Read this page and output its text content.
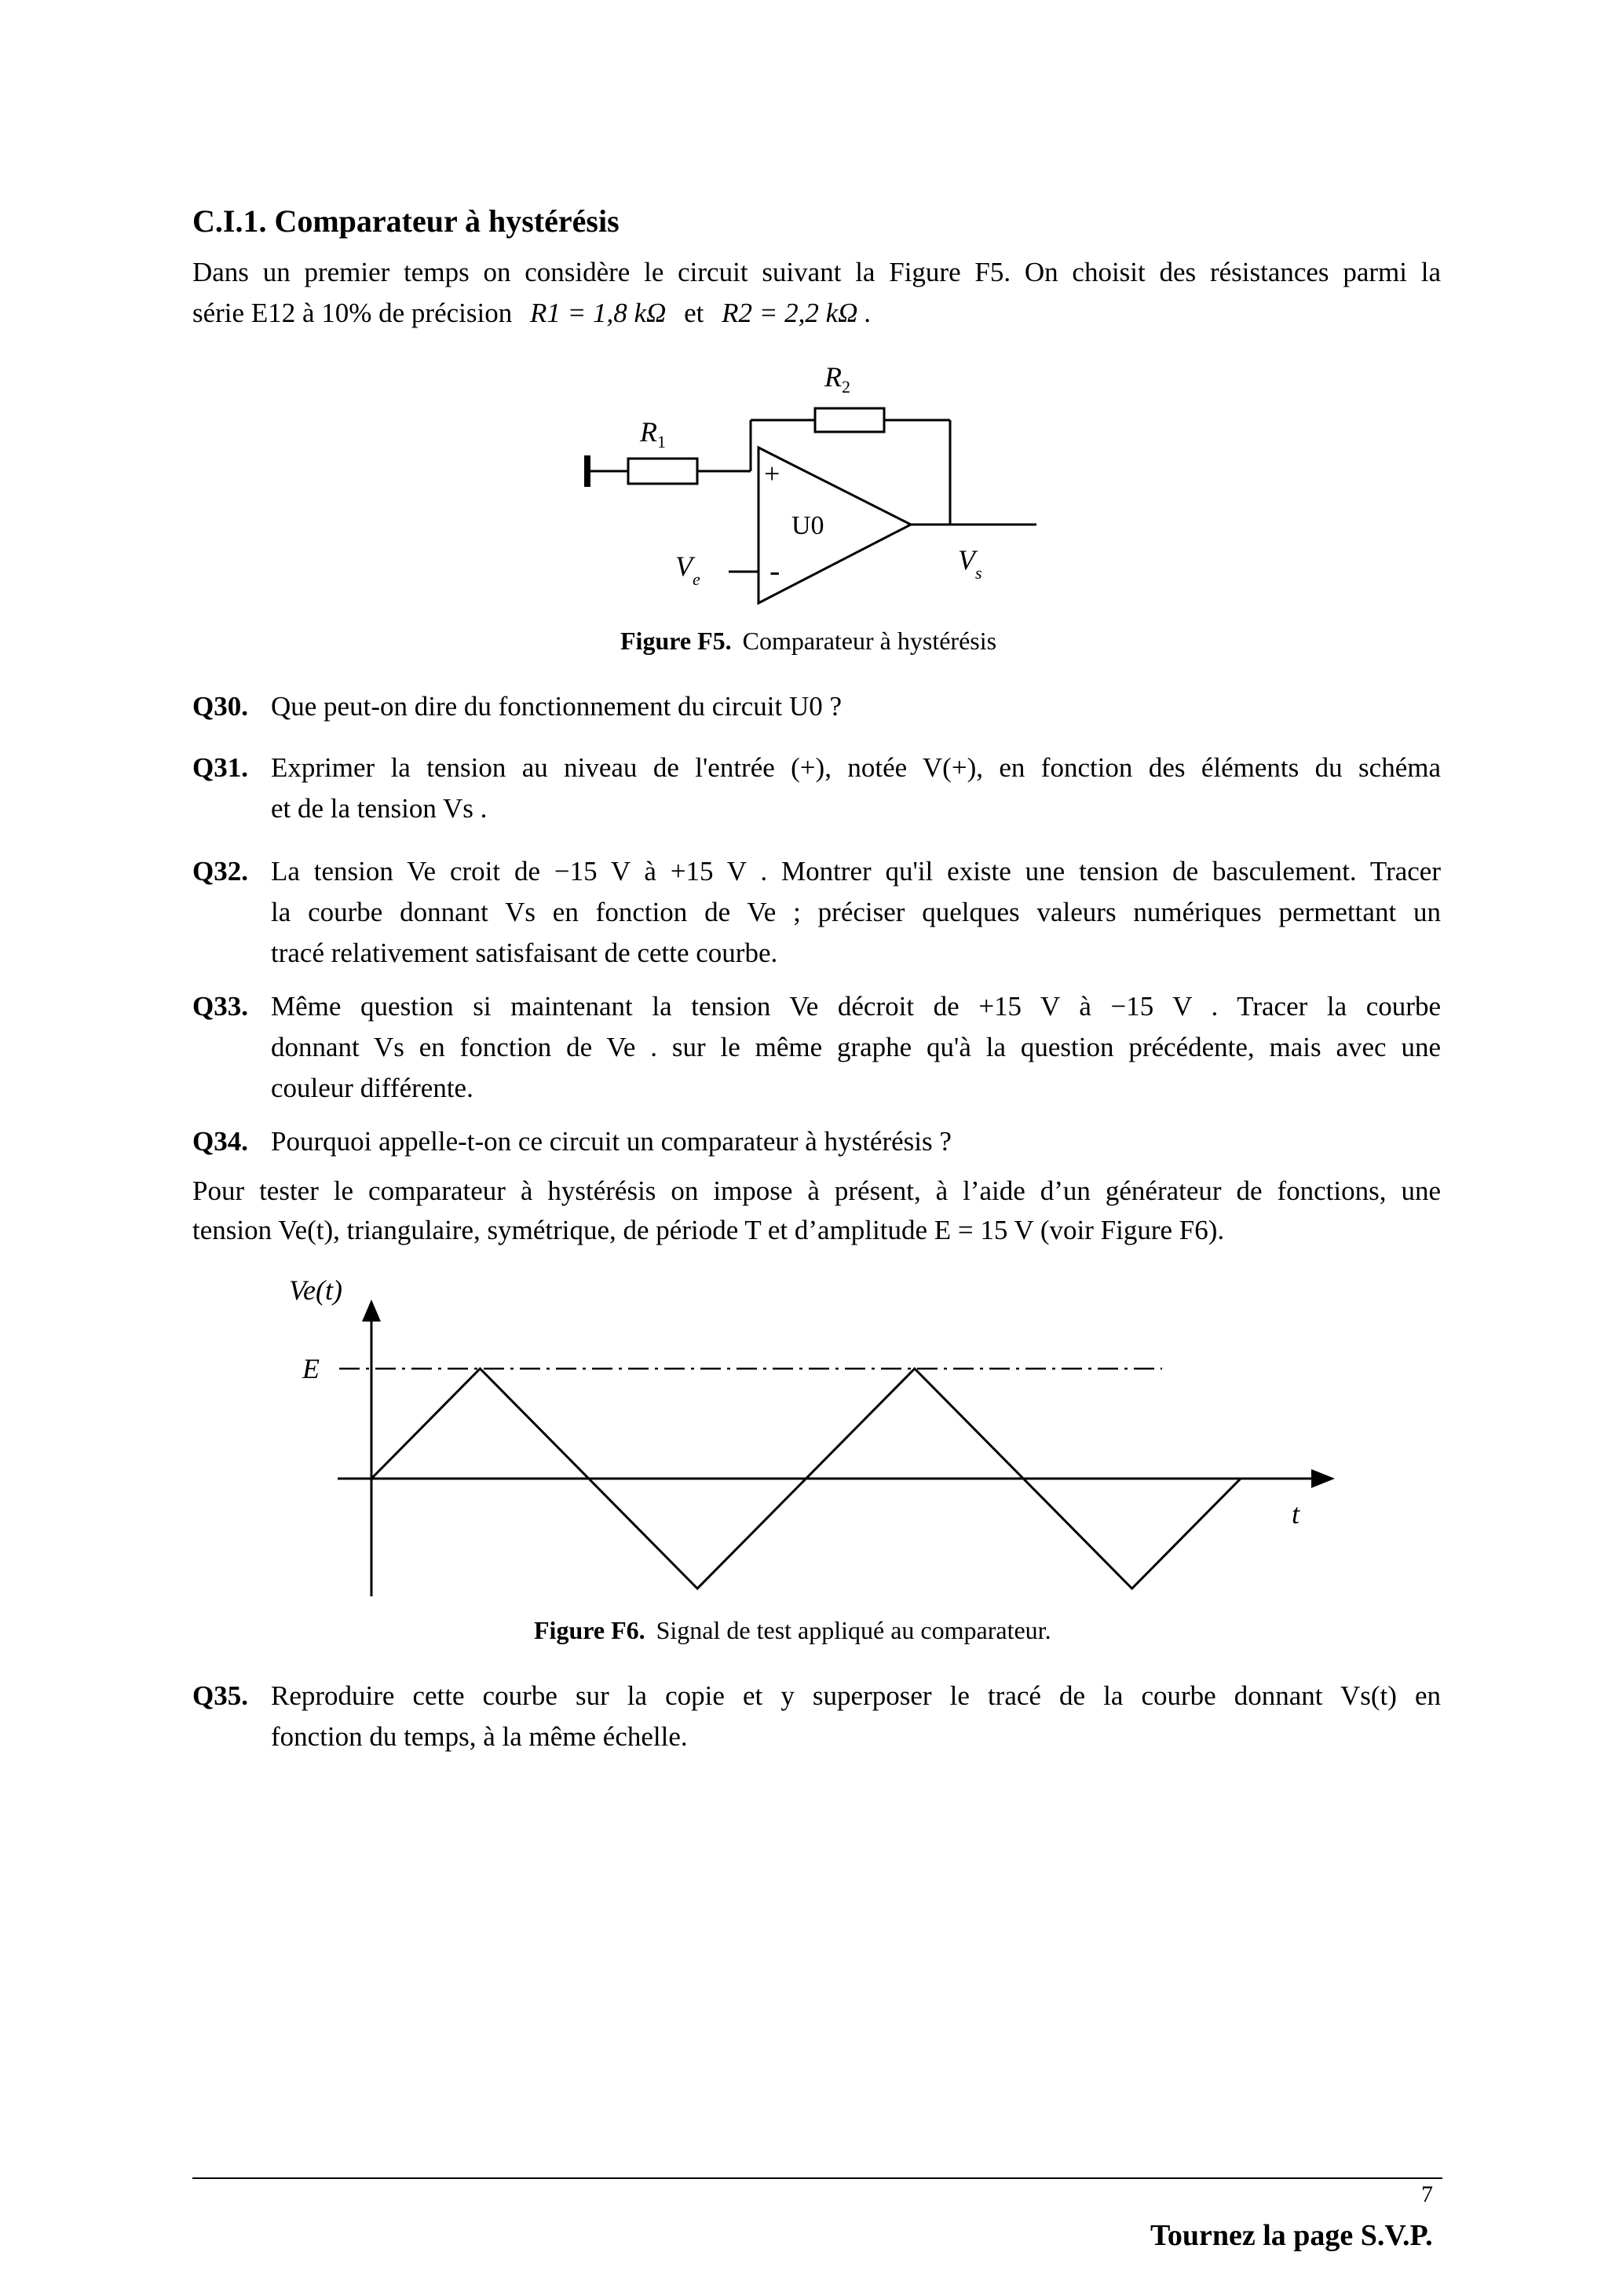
C.I.1. Comparateur à hystérésis
Dans un premier temps on considère le circuit suivant la Figure F5. On choisit des résistances parmi la
série E12 à 10% de précision R1 = 1,8 kΩ et R2 = 2,2 kΩ .
$R_1$
$R_2$
+
-
U0
$V_e$
$V_s$
Figure F5. Comparateur à hystérésis
Q30. Que peut-on dire du fonctionnement du circuit U0 ?
Q31. Exprimer la tension au niveau de l'entrée (+), notée V(+), en fonction des éléments du schéma
et de la tension Vs .
Q32. La tension Ve croit de −15 V à +15 V . Montrer qu'il existe une tension de basculement. Tracer
la courbe donnant Vs en fonction de Ve ; préciser quelques valeurs numériques permettant un
tracé relativement satisfaisant de cette courbe.
Q33. Même question si maintenant la tension Ve décroit de +15 V à −15 V . Tracer la courbe
donnant Vs en fonction de Ve . sur le même graphe qu'à la question précédente, mais avec une
couleur différente.
Q34. Pourquoi appelle-t-on ce circuit un comparateur à hystérésis ?
Pour tester le comparateur à hystérésis on impose à présent, à l’aide d’un générateur de fonctions, une
tension Ve(t), triangulaire, symétrique, de période T et d’amplitude E = 15 V (voir Figure F6).
Ve(t)
E
t
Figure F6. Signal de test appliqué au comparateur.
Q35. Reproduire cette courbe sur la copie et y superposer le tracé de la courbe donnant Vs(t) en
fonction du temps, à la même échelle.
7
Tournez la page S.V.P.
